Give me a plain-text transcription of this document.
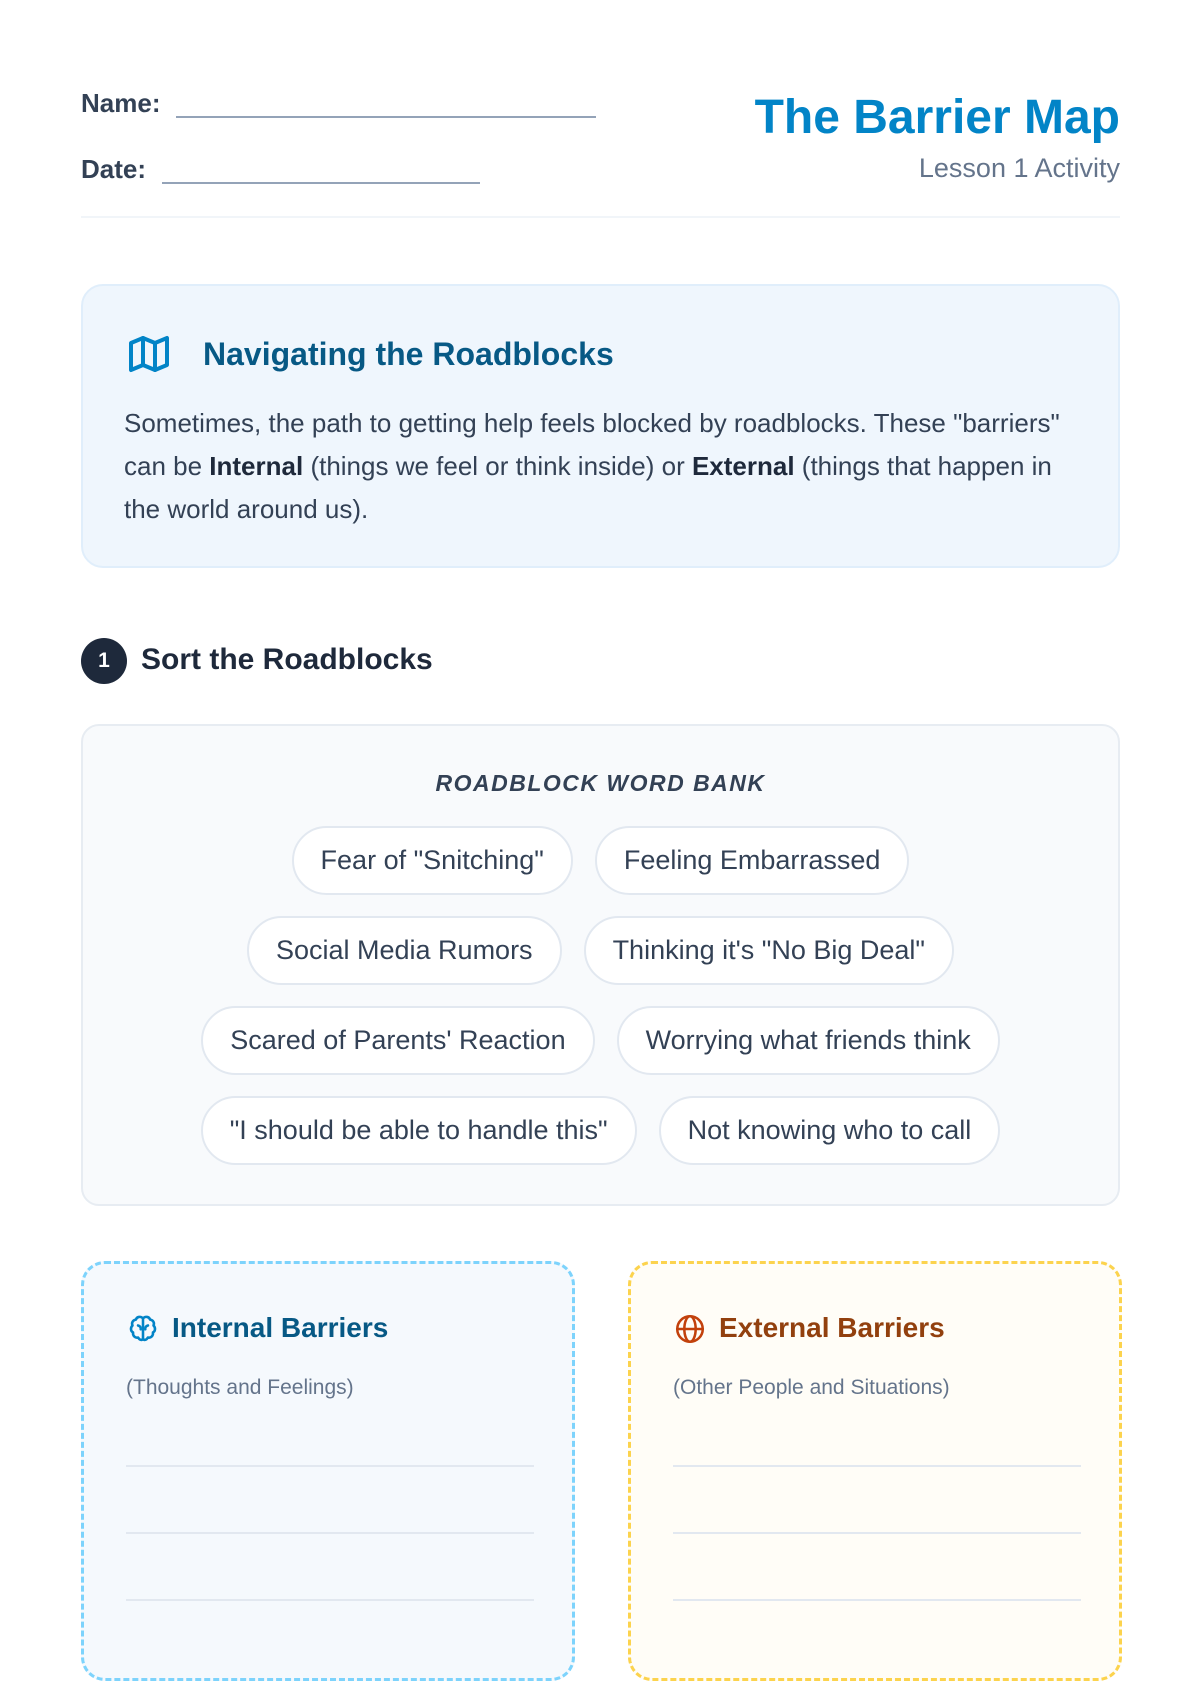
Name:
Date:
The Barrier Map
Lesson 1 Activity
Navigating the Roadblocks
Sometimes, the path to getting help feels blocked by roadblocks. These "barriers" can be Internal (things we feel or think inside) or External (things that happen in the world around us).
1	Sort the Roadblocks
ROADBLOCK WORD BANK
Fear of "Snitching"	Feeling Embarrassed
Social Media Rumors	Thinking it's "No Big Deal"
Scared of Parents' Reaction	Worrying what friends think
"I should be able to handle this"	Not knowing who to call
Internal Barriers
(Thoughts and Feelings)
External Barriers
(Other People and Situations)
